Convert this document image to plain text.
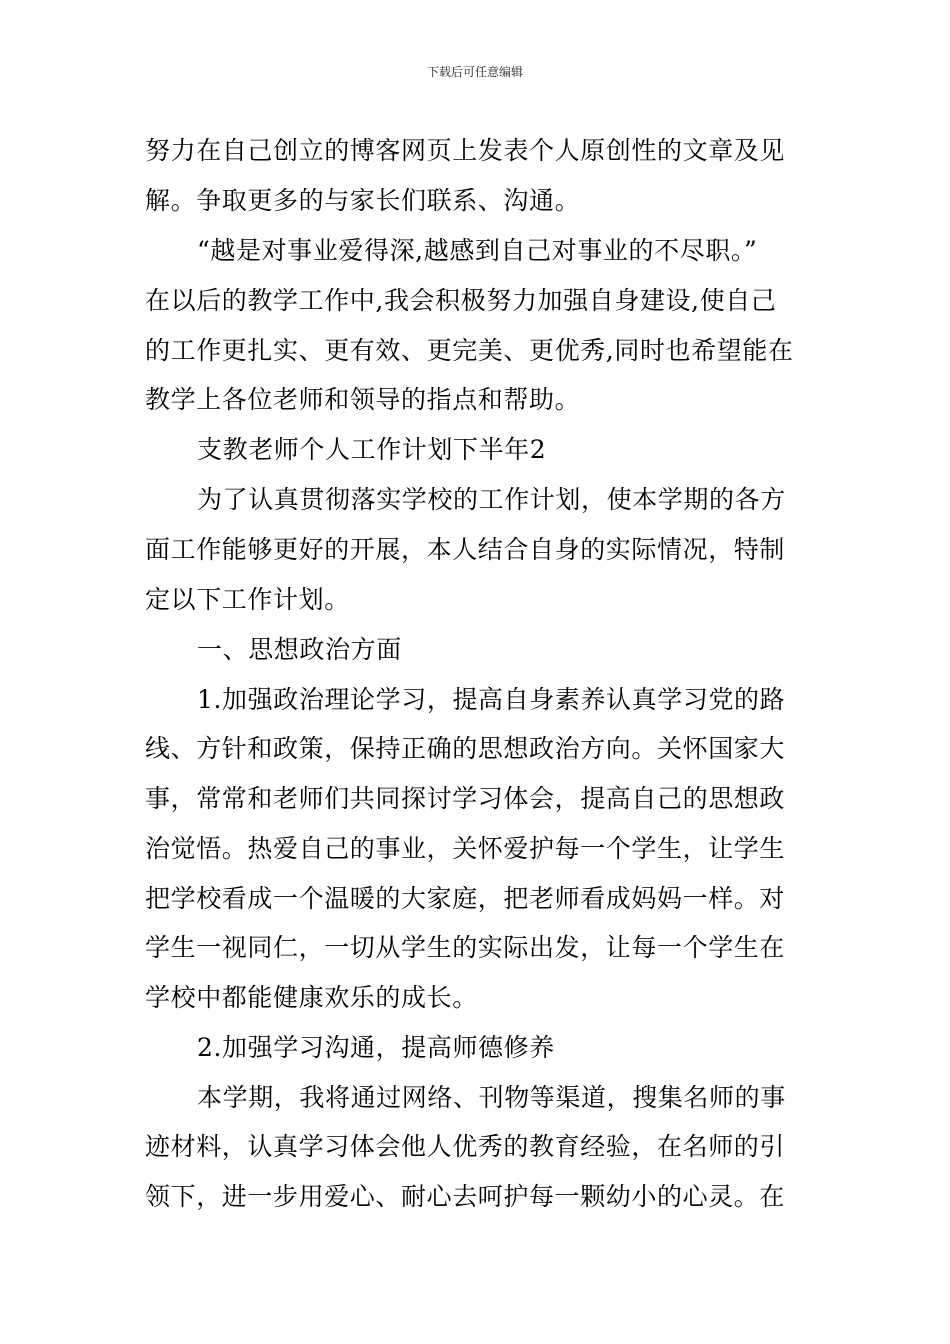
下载后可任意编辑
努力在自己创立的博客网页上发表个人原创性的文章及见
解。争取更多的与家长们联系、沟通。
“越是对事业爱得深,越感到自己对事业的不尽职。”
在以后的教学工作中,我会积极努力加强自身建设,使自己
的工作更扎实、更有效、更完美、更优秀,同时也希望能在
教学上各位老师和领导的指点和帮助。
支教老师个人工作计划下半年2
为了认真贯彻落实学校的工作计划，使本学期的各方
面工作能够更好的开展，本人结合自身的实际情况，特制
定以下工作计划。
一、思想政治方面
1.加强政治理论学习，提高自身素养认真学习党的路
线、方针和政策，保持正确的思想政治方向。关怀国家大
事，常常和老师们共同探讨学习体会，提高自己的思想政
治觉悟。热爱自己的事业，关怀爱护每一个学生，让学生
把学校看成一个温暖的大家庭，把老师看成妈妈一样。对
学生一视同仁，一切从学生的实际出发，让每一个学生在
学校中都能健康欢乐的成长。
2.加强学习沟通，提高师德修养
本学期，我将通过网络、刊物等渠道，搜集名师的事
迹材料，认真学习体会他人优秀的教育经验，在名师的引
领下，进一步用爱心、耐心去呵护每一颗幼小的心灵。在
